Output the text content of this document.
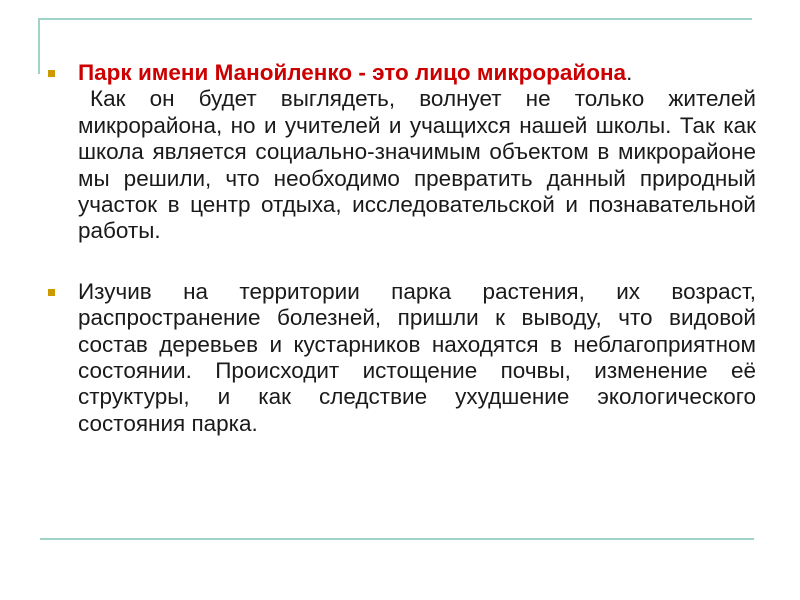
Парк имени Манойленко - это лицо микрорайона.
Как он будет выглядеть, волнует не только жителей микрорайона, но и учителей и учащихся нашей школы. Так как школа является социально-значимым объектом в микрорайоне мы решили, что необходимо превратить данный природный участок в центр отдыха, исследовательской и познавательной работы.
Изучив на территории парка растения, их возраст, распространение болезней, пришли к выводу, что видовой состав деревьев и кустарников находятся в неблагоприятном состоянии. Происходит истощение почвы, изменение её структуры, и как следствие ухудшение экологического состояния парка.
